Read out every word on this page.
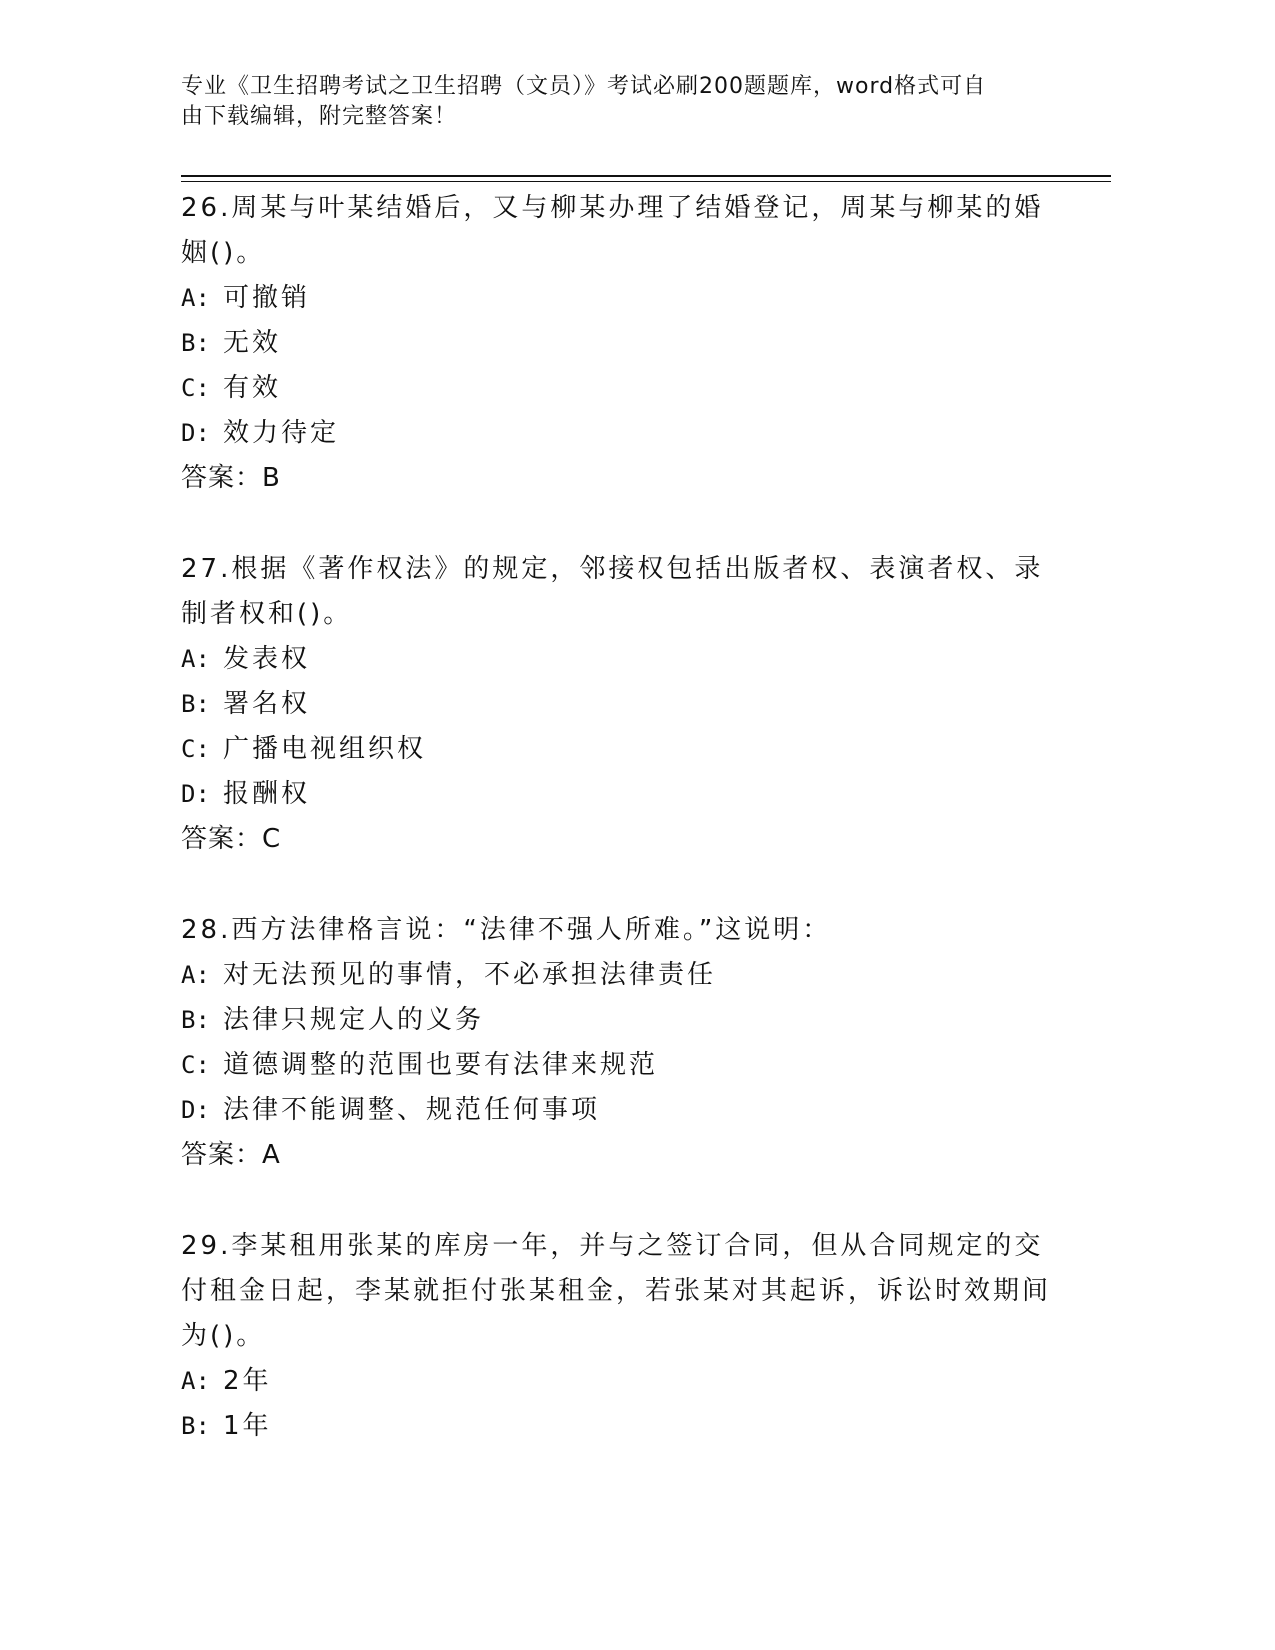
专业《卫生招聘考试之卫生招聘（文员）》考试必刷200题题库，word格式可自
由下载编辑，附完整答案！

26.周某与叶某结婚后，又与柳某办理了结婚登记，周某与柳某的婚姻()。

A: 可撤销
B: 无效
C: 有效
D: 效力待定
答案：B

27.根据《著作权法》的规定，邻接权包括出版者权、表演者权、录制者权和()。

A: 发表权
B: 署名权
C: 广播电视组织权
D: 报酬权
答案：C

28.西方法律格言说：“法律不强人所难。”这说明：

A: 对无法预见的事情，不必承担法律责任
B: 法律只规定人的义务
C: 道德调整的范围也要有法律来规范
D: 法律不能调整、规范任何事项
答案：A

29.李某租用张某的库房一年，并与之签订合同，但从合同规定的交付租金日起，李某就拒付张某租金，若张某对其起诉，诉讼时效期间为()。

A: 2年
B: 1年
